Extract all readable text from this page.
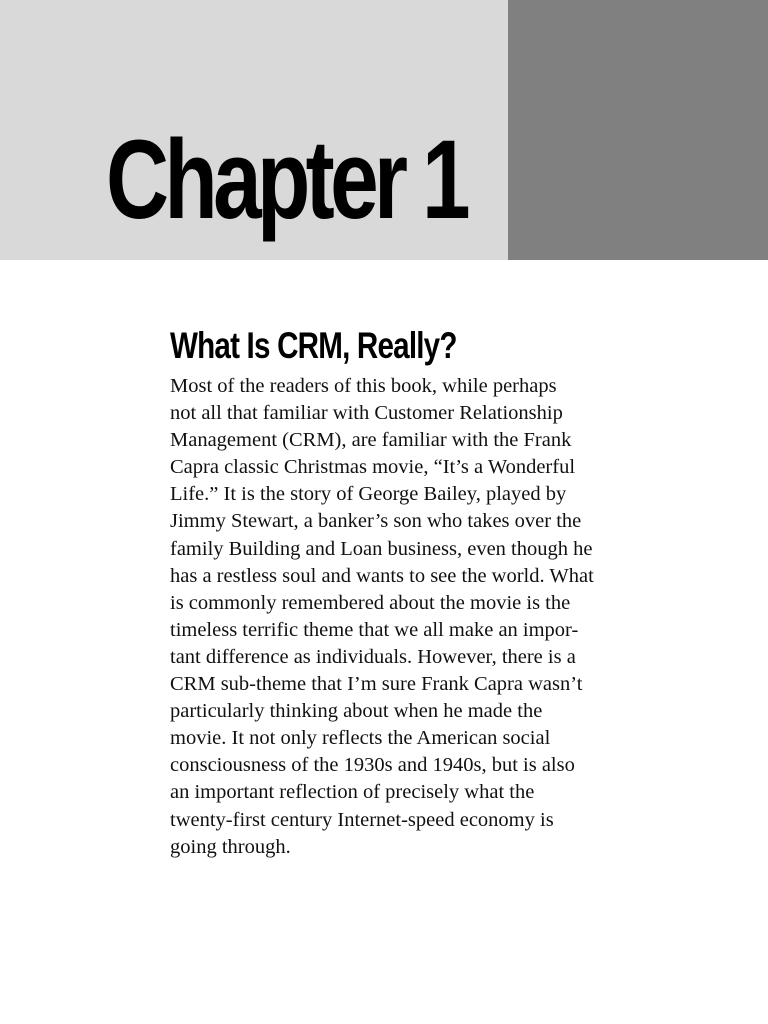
Chapter 1
What Is CRM, Really?

Most of the readers of this book, while perhaps
not all that familiar with Customer Relationship
Management (CRM), are familiar with the Frank
Capra classic Christmas movie, “It’s a Wonderful
Life.” It is the story of George Bailey, played by
Jimmy Stewart, a banker’s son who takes over the
family Building and Loan business, even though he
has a restless soul and wants to see the world. What
is commonly remembered about the movie is the
timeless terrific theme that we all make an impor-
tant difference as individuals. However, there is a
CRM sub-theme that I’m sure Frank Capra wasn’t
particularly thinking about when he made the
movie. It not only reflects the American social
consciousness of the 1930s and 1940s, but is also
an important reflection of precisely what the
twenty-first century Internet-speed economy is
going through.
